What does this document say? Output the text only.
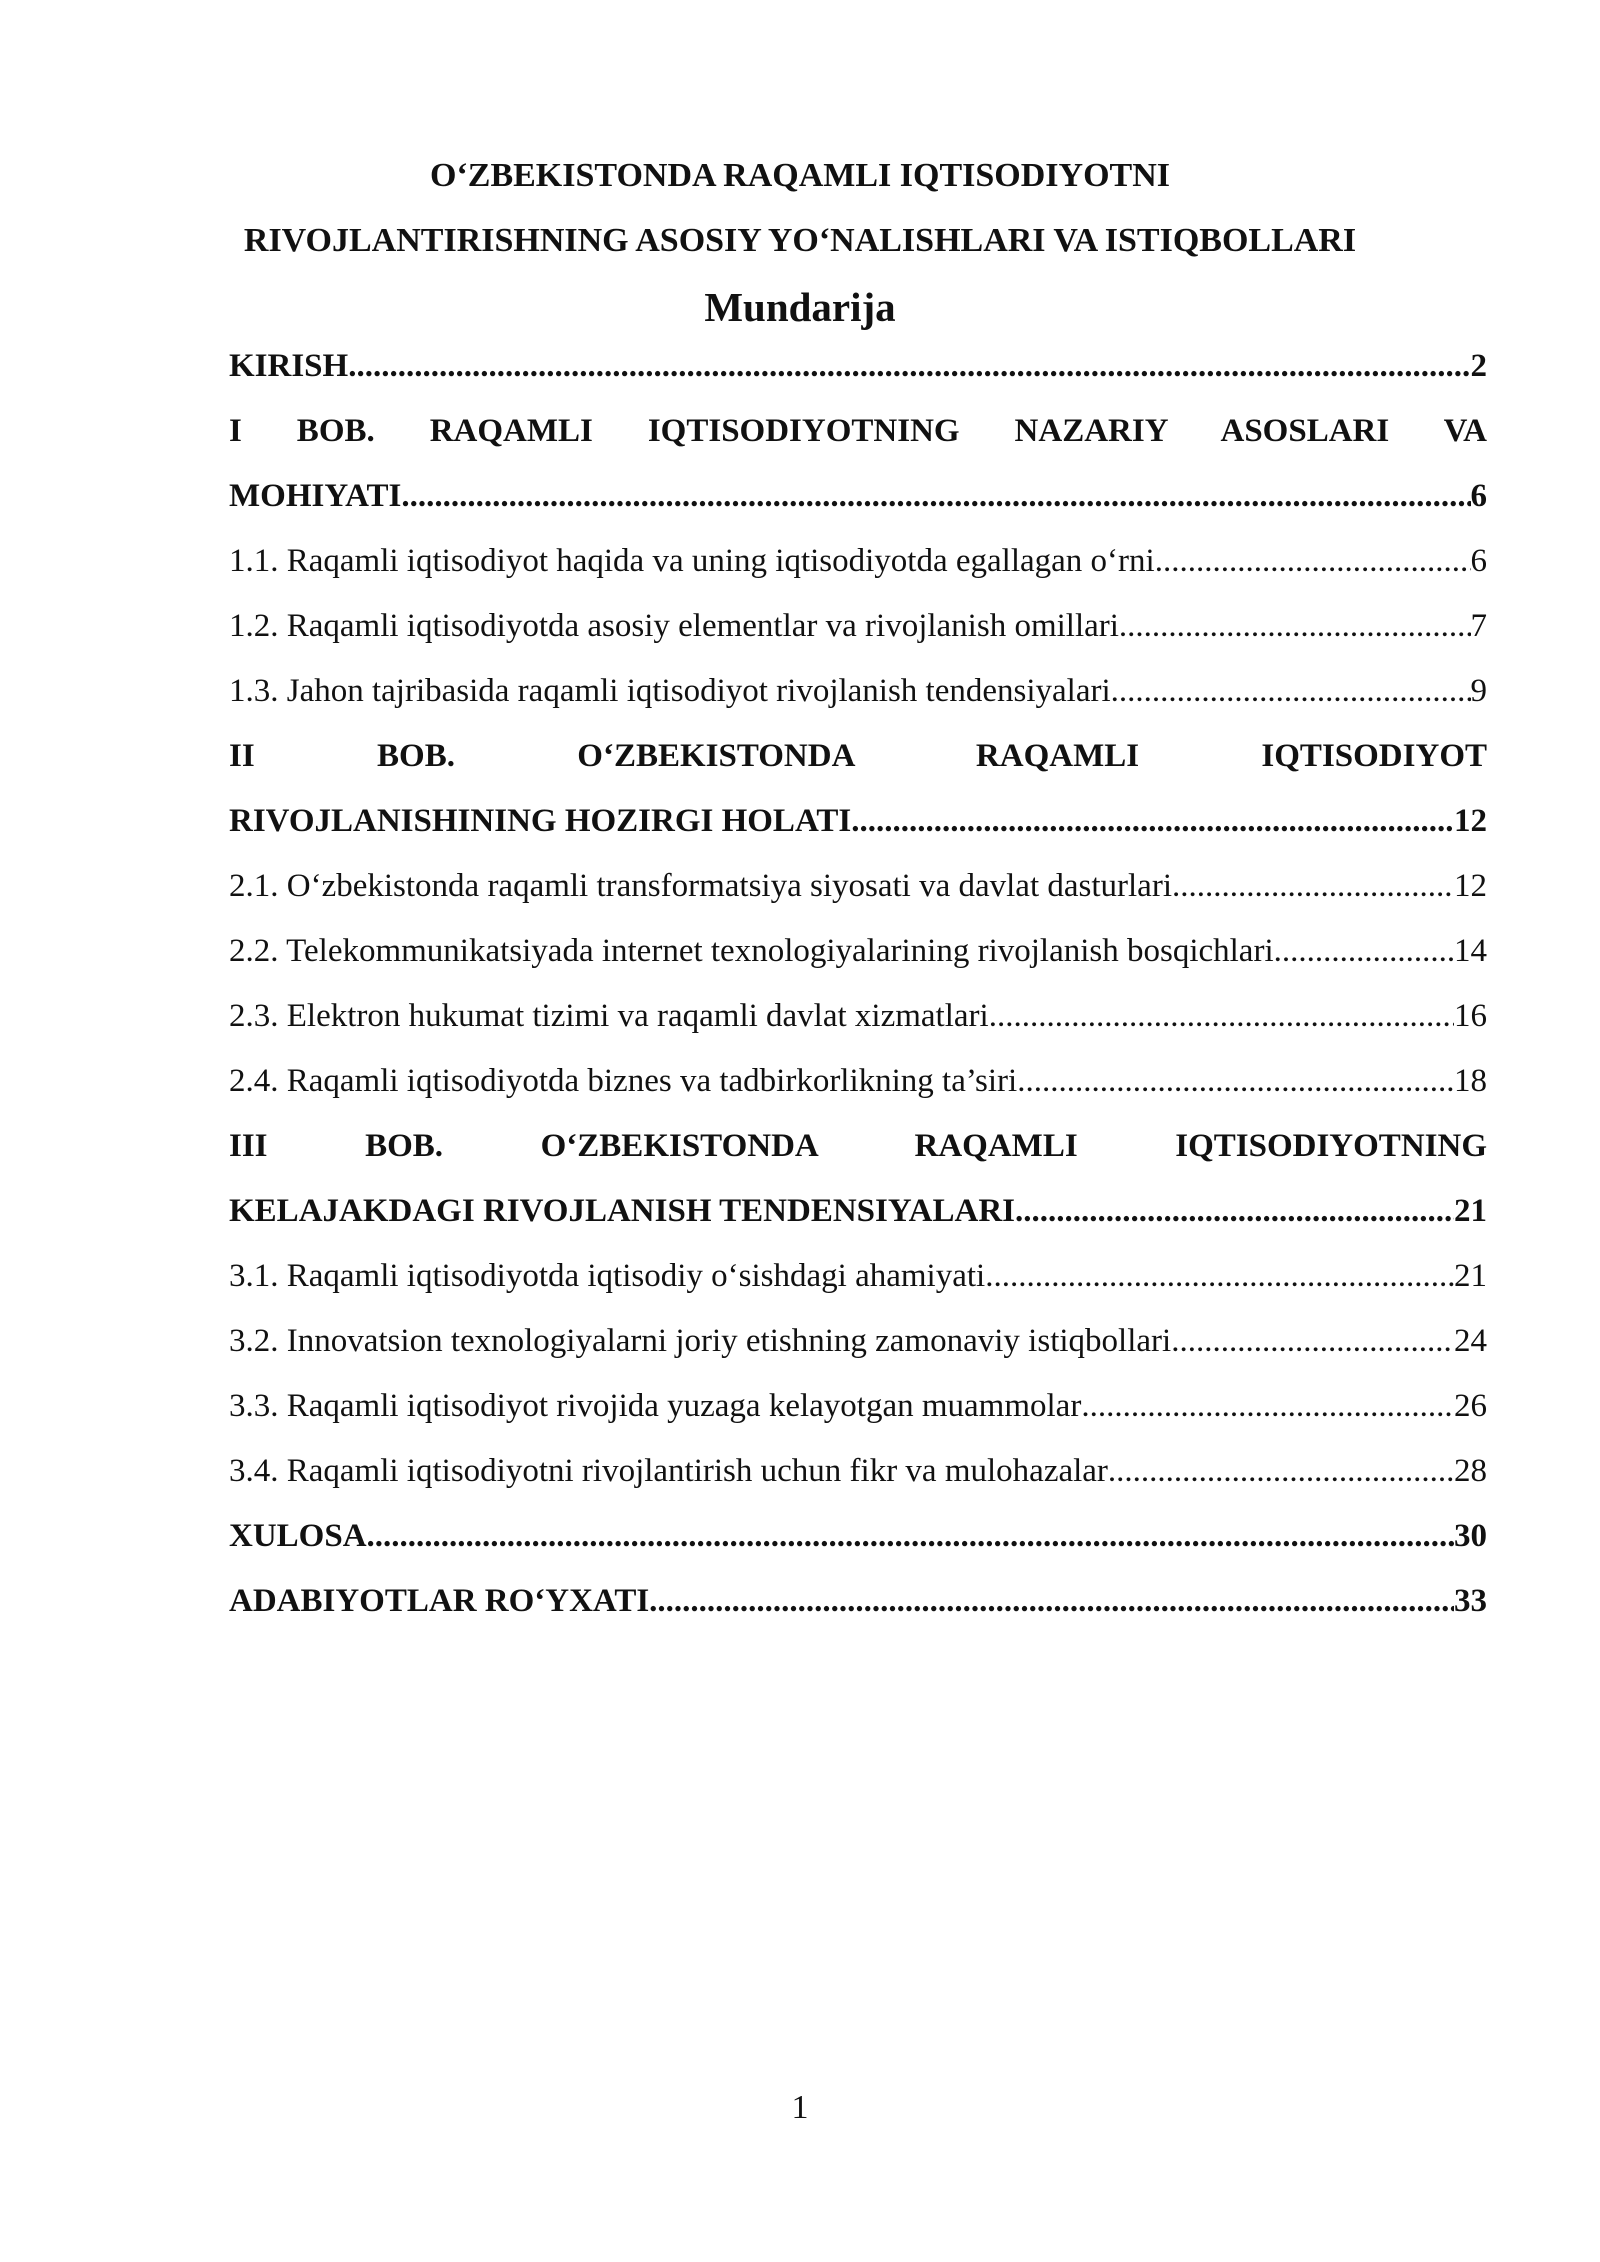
O‘ZBEKISTONDA RAQAMLI IQTISODIYOTNI
RIVOJLANTIRISHNING ASOSIY YO‘NALISHLARI VA ISTIQBOLLARI
Mundarija
KIRISH .....	2
I BOB. RAQAMLI IQTISODIYOTNING NAZARIY ASOSLARI VA
MOHIYATI .....	6
1.1. Raqamli iqtisodiyot haqida va uning iqtisodiyotda egallagan o‘rni .....	6
1.2. Raqamli iqtisodiyotda asosiy elementlar va rivojlanish omillari .....	7
1.3. Jahon tajribasida raqamli iqtisodiyot rivojlanish tendensiyalari .....	9
II BOB. O‘ZBEKISTONDA RAQAMLI IQTISODIYOT
RIVOJLANISHINING HOZIRGI HOLATI .....	12
2.1. O‘zbekistonda raqamli transformatsiya siyosati va davlat dasturlari .....	12
2.2. Telekommunikatsiyada internet texnologiyalarining rivojlanish bosqichlari. .....	14
2.3. Elektron hukumat tizimi va raqamli davlat xizmatlari .....	16
2.4. Raqamli iqtisodiyotda biznes va tadbirkorlikning ta’siri .....	18
III BOB. O‘ZBEKISTONDA RAQAMLI IQTISODIYOTNING
KELAJAKDAGI RIVOJLANISH TENDENSIYALARI .....	21
3.1. Raqamli iqtisodiyotda iqtisodiy o‘sishdagi ahamiyati .....	21
3.2. Innovatsion texnologiyalarni joriy etishning zamonaviy istiqbollari .....	24
3.3. Raqamli iqtisodiyot rivojida yuzaga kelayotgan muammolar .....	26
3.4. Raqamli iqtisodiyotni rivojlantirish uchun fikr va mulohazalar .....	28
XULOSA .....	30
ADABIYOTLAR RO‘YXATI .....	33
1
